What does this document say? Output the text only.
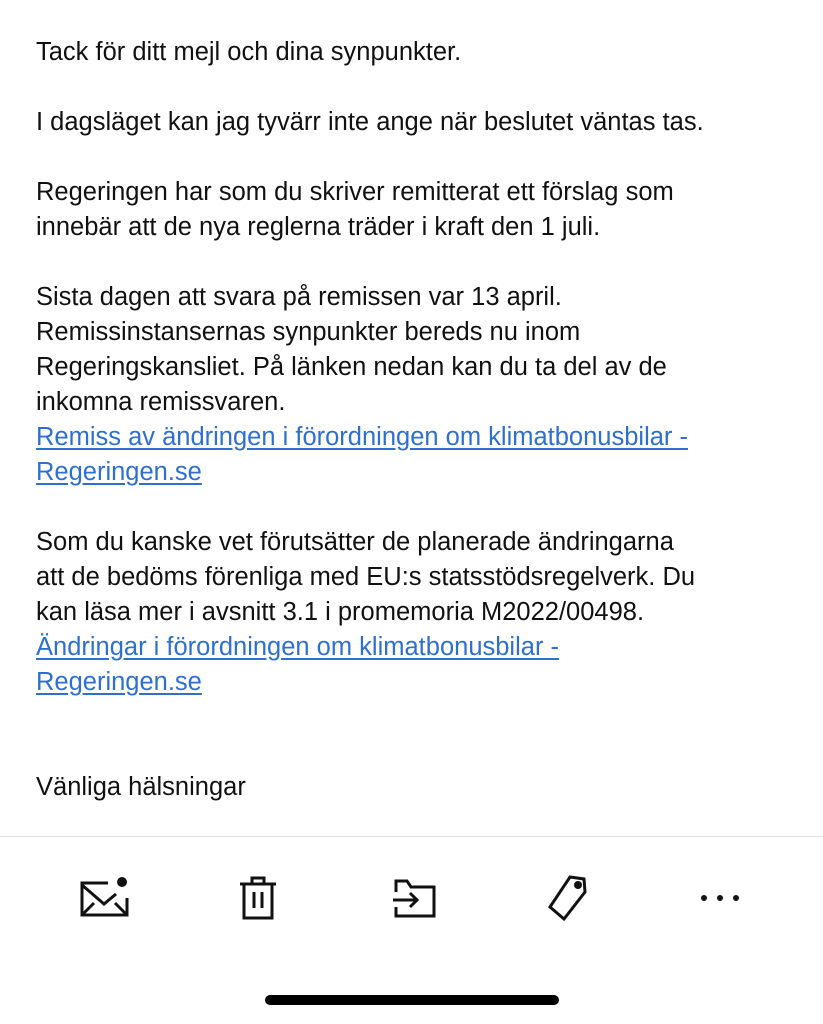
Tack för ditt mejl och dina synpunkter.

I dagsläget kan jag tyvärr inte ange när beslutet väntas tas.

Regeringen har som du skriver remitterat ett förslag som
innebär att de nya reglerna träder i kraft den 1 juli.

Sista dagen att svara på remissen var 13 april.
Remissinstansernas synpunkter bereds nu inom
Regeringskansliet. På länken nedan kan du ta del av de
inkomna remissvaren.
Remiss av ändringen i förordningen om klimatbonusbilar -
Regeringen.se

Som du kanske vet förutsätter de planerade ändringarna
att de bedöms förenliga med EU:s statsstödsregelverk. Du
kan läsa mer i avsnitt 3.1 i promemoria M2022/00498.
Ändringar i förordningen om klimatbonusbilar -
Regeringen.se

Vänliga hälsningar
